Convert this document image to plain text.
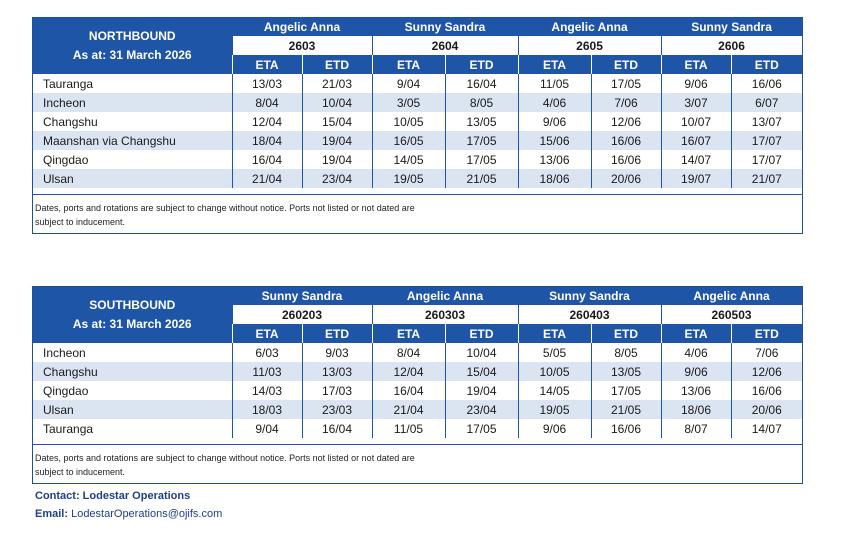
NORTHBOUND
As at: 31 March 2026	Angelic Anna		Sunny Sandra		Angelic Anna		Sunny Sandra	
	2603		2604		2605		2606	
	ETA	ETD	ETA	ETD	ETA	ETD	ETA	ETD
Tauranga	13/03	21/03	9/04	16/04	11/05	17/05	9/06	16/06
Incheon	8/04	10/04	3/05	8/05	4/06	7/06	3/07	6/07
Changshu	12/04	15/04	10/05	13/05	9/06	12/06	10/07	13/07
Maanshan via Changshu	18/04	19/04	16/05	17/05	15/06	16/06	16/07	17/07
Qingdao	16/04	19/04	14/05	17/05	13/06	16/06	14/07	17/07
Ulsan	21/04	23/04	19/05	21/05	18/06	20/06	19/07	21/07
Dates, ports and rotations are subject to change without notice. Ports not listed or not dated are
subject to inducement.
SOUTHBOUND
As at: 31 March 2026	Sunny Sandra		Angelic Anna		Sunny Sandra		Angelic Anna	
	260203		260303		260403		260503	
	ETA	ETD	ETA	ETD	ETA	ETD	ETA	ETD
Incheon	6/03	9/03	8/04	10/04	5/05	8/05	4/06	7/06
Changshu	11/03	13/03	12/04	15/04	10/05	13/05	9/06	12/06
Qingdao	14/03	17/03	16/04	19/04	14/05	17/05	13/06	16/06
Ulsan	18/03	23/03	21/04	23/04	19/05	21/05	18/06	20/06
Tauranga	9/04	16/04	11/05	17/05	9/06	16/06	8/07	14/07
Dates, ports and rotations are subject to change without notice. Ports not listed or not dated are
subject to inducement.
Contact: Lodestar Operations
Email: LodestarOperations@ojifs.com
